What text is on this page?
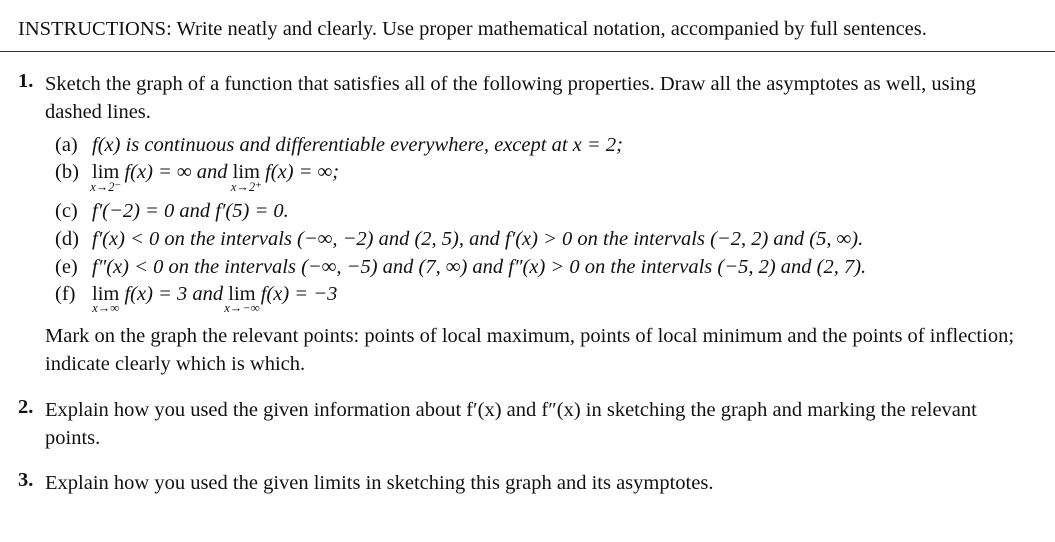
INSTRUCTIONS: Write neatly and clearly. Use proper mathematical notation, accompanied by full sentences.
1. Sketch the graph of a function that satisfies all of the following properties. Draw all the asymptotes as well, using dashed lines.
(a) f(x) is continuous and differentiable everywhere, except at x = 2;
(b) lim
x→2⁻
f(x) = ∞ and lim
x→2⁺
f(x) = ∞;
(c) f′(−2) = 0 and f′(5) = 0.
(d) f′(x) < 0 on the intervals (−∞, −2) and (2, 5), and f′(x) > 0 on the intervals (−2, 2) and (5, ∞).
(e) f″(x) < 0 on the intervals (−∞, −5) and (7, ∞) and f″(x) > 0 on the intervals (−5, 2) and (2, 7).
(f) lim
x→∞
f(x) = 3 and lim
x→−∞
f(x) = −3
Mark on the graph the relevant points: points of local maximum, points of local minimum and the points of inflection; indicate clearly which is which.
2. Explain how you used the given information about f′(x) and f″(x) in sketching the graph and marking the relevant points.
3. Explain how you used the given limits in sketching this graph and its asymptotes.
